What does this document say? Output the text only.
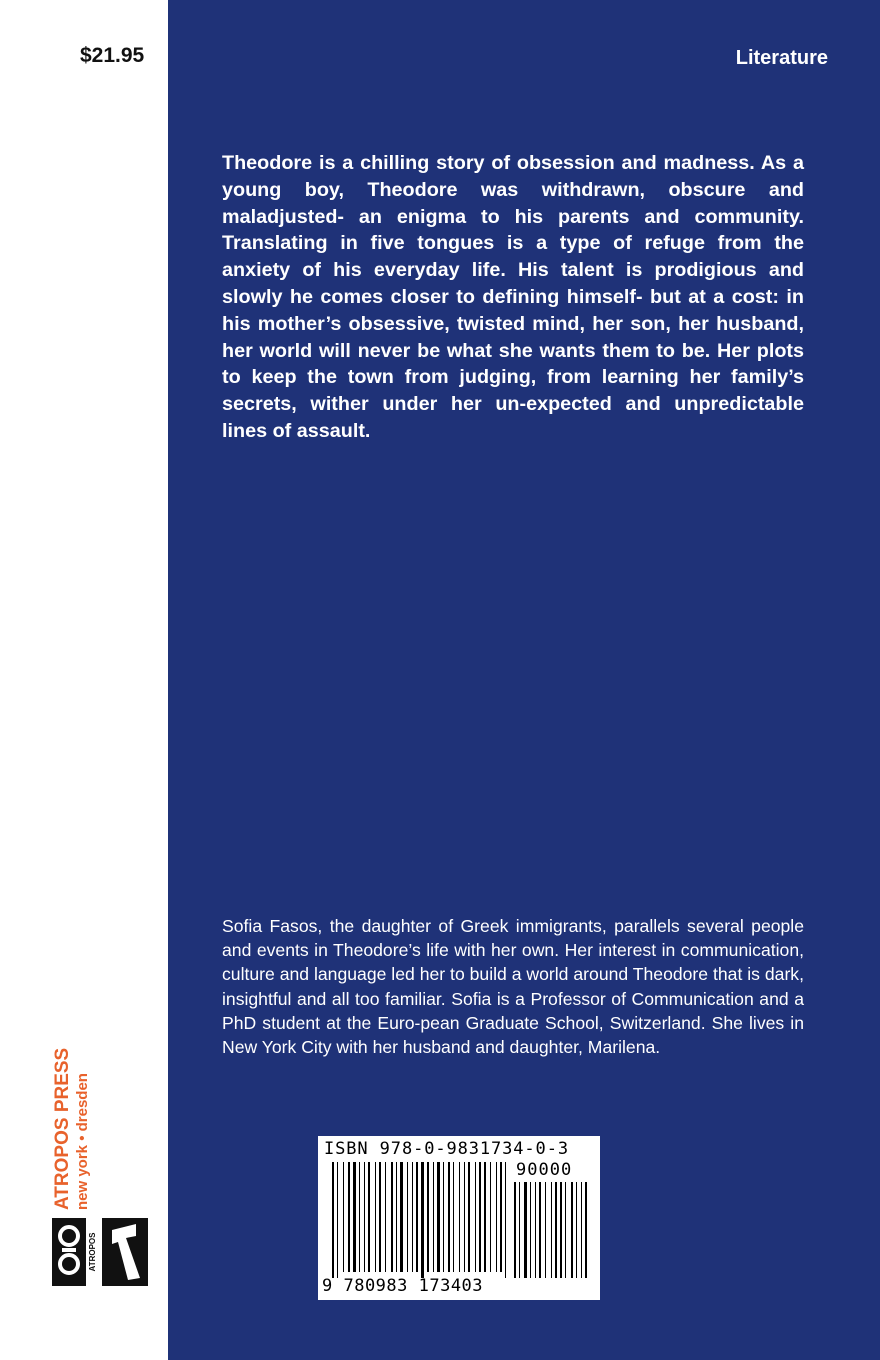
$21.95
ATROPOS PRESS new york • dresden
ATROPOS
Literature

Theodore is a chilling story of obsession and madness. As a young boy, Theodore was withdrawn, obscure and maladjusted- an enigma to his parents and community. Translating in five tongues is a type of refuge from the anxiety of his everyday life. His talent is prodigious and slowly he comes closer to defining himself- but at a cost: in his mother’s obsessive, twisted mind, her son, her husband, her world will never be what she wants them to be. Her plots to keep the town from judging, from learning her family’s secrets, wither under her un-expected and unpredictable lines of assault.

Sofia Fasos, the daughter of Greek immigrants, parallels several people and events in Theodore’s life with her own. Her interest in communication, culture and language led her to build a world around Theodore that is dark, insightful and all too familiar. Sofia is a Professor of Communication and a PhD student at the Euro-pean Graduate School, Switzerland. She lives in New York City with her husband and daughter, Marilena.

ISBN 978-0-9831734-0-3
90000
9 780983 173403
